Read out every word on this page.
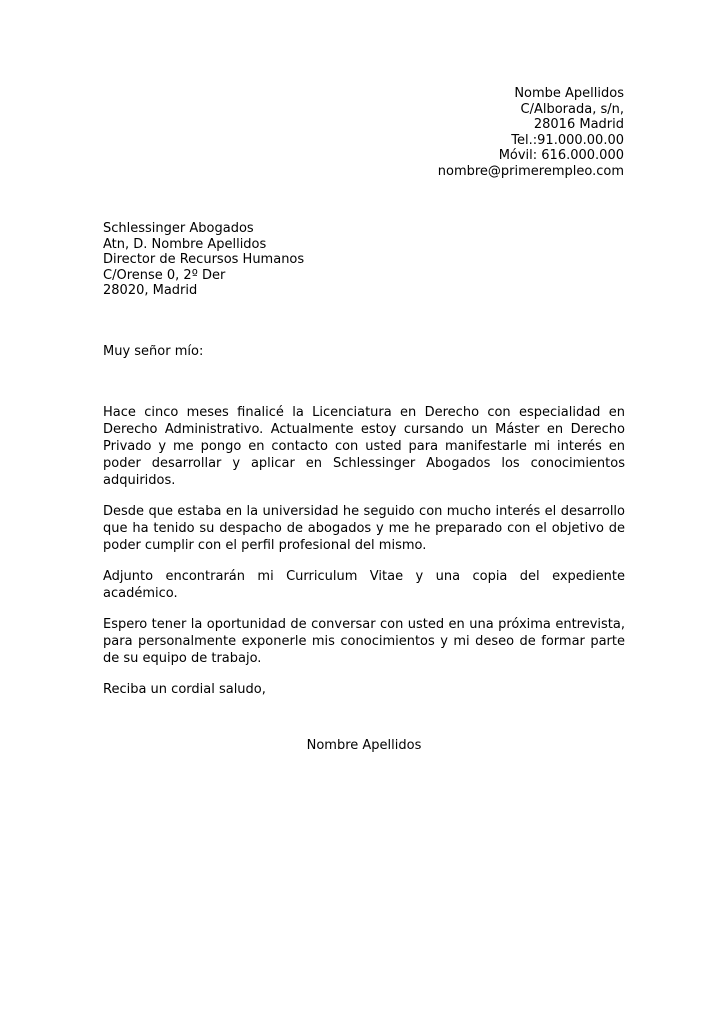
Nombe Apellidos
C/Alborada, s/n,
28016 Madrid
Tel.:91.000.00.00
Móvil: 616.000.000
nombre@primerempleo.com
Schlessinger Abogados
Atn, D. Nombre Apellidos
Director de Recursos Humanos
C/Orense 0, 2º Der
28020, Madrid
Muy señor mío:

Hace cinco meses finalicé la Licenciatura en Derecho con especialidad en Derecho Administrativo. Actualmente estoy cursando un Máster en Derecho Privado y me pongo en contacto con usted para manifestarle mi interés en poder desarrollar y aplicar en Schlessinger Abogados los conocimientos adquiridos.

Desde que estaba en la universidad he seguido con mucho interés el desarrollo que ha tenido su despacho de abogados y me he preparado con el objetivo de poder cumplir con el perfil profesional del mismo.

Adjunto encontrarán mi Curriculum Vitae y una copia del expediente académico.

Espero tener la oportunidad de conversar con usted en una próxima entrevista, para personalmente exponerle mis conocimientos y mi deseo de formar parte de su equipo de trabajo.

Reciba un cordial saludo,

Nombre Apellidos
